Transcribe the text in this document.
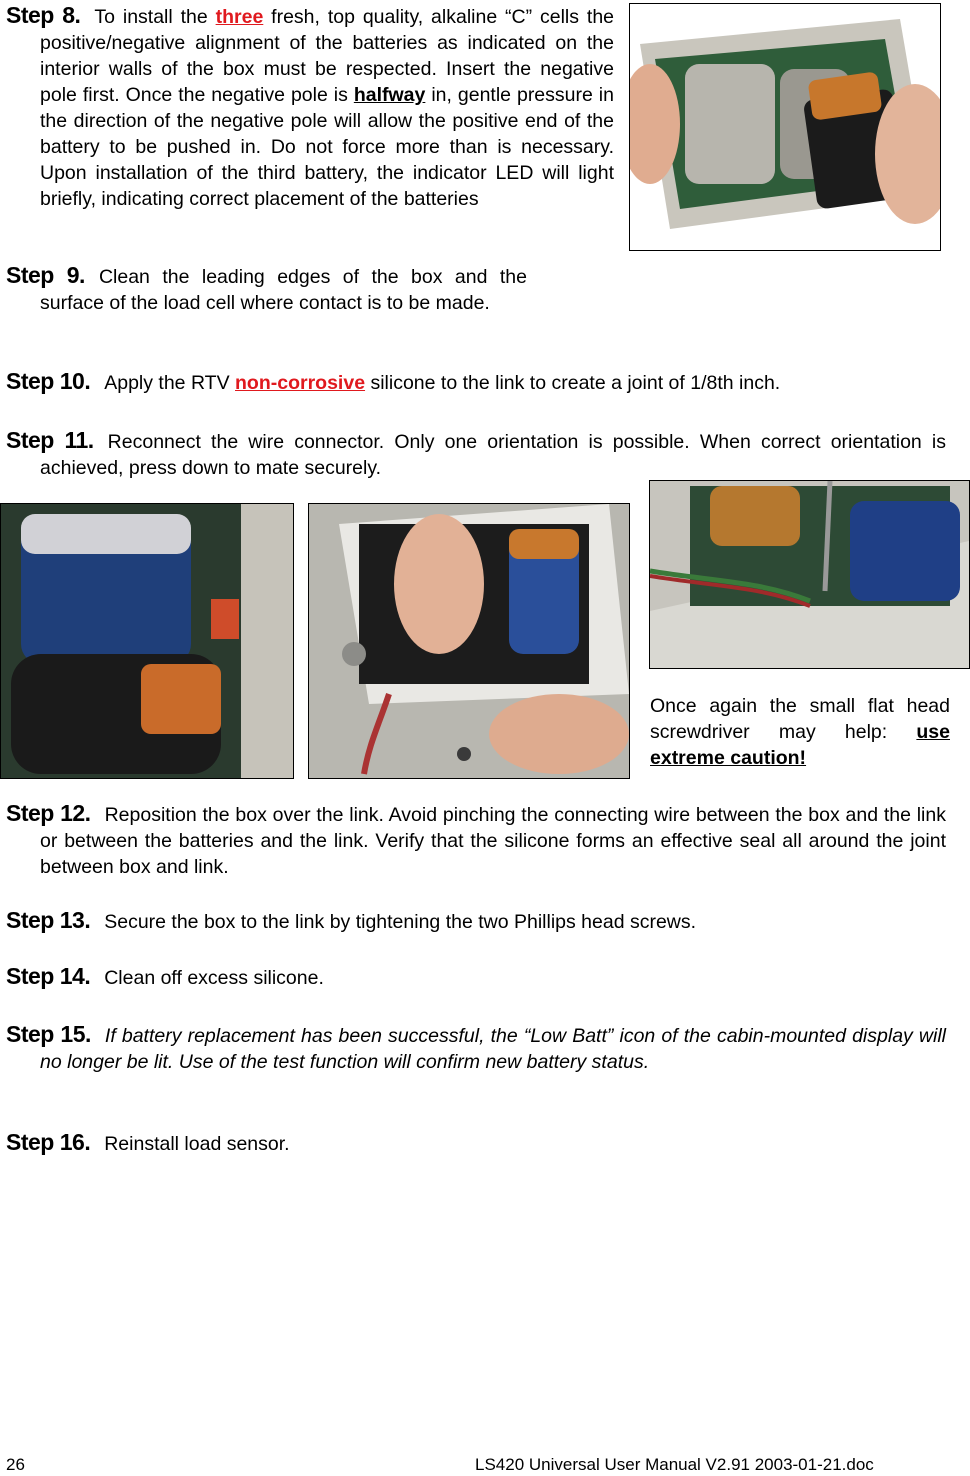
Step 8. To install the three fresh, top quality, alkaline “C” cells the positive/negative alignment of the batteries as indicated on the interior walls of the box must be respected. Insert the negative pole first. Once the negative pole is halfway in, gentle pressure in the direction of the negative pole will allow the positive end of the battery to be pushed in. Do not force more than is necessary. Upon installation of the third battery, the indicator LED will light briefly, indicating correct placement of the batteries
Step 9. Clean the leading edges of the box and the surface of the load cell where contact is to be made.
Step 10. Apply the RTV non-corrosive silicone to the link to create a joint of 1/8th inch.
Step 11. Reconnect the wire connector. Only one orientation is possible. When correct orientation is achieved, press down to mate securely.
Once again the small flat head screwdriver may help: use extreme caution!
Step 12. Reposition the box over the link. Avoid pinching the connecting wire between the box and the link or between the batteries and the link. Verify that the silicone forms an effective seal all around the joint between box and link.
Step 13. Secure the box to the link by tightening the two Phillips head screws.
Step 14. Clean off excess silicone.
Step 15. If battery replacement has been successful, the “Low Batt” icon of the cabin-mounted display will no longer be lit. Use of the test function will confirm new battery status.
Step 16. Reinstall load sensor.
26	LS420 Universal User Manual V2.91 2003-01-21.doc
